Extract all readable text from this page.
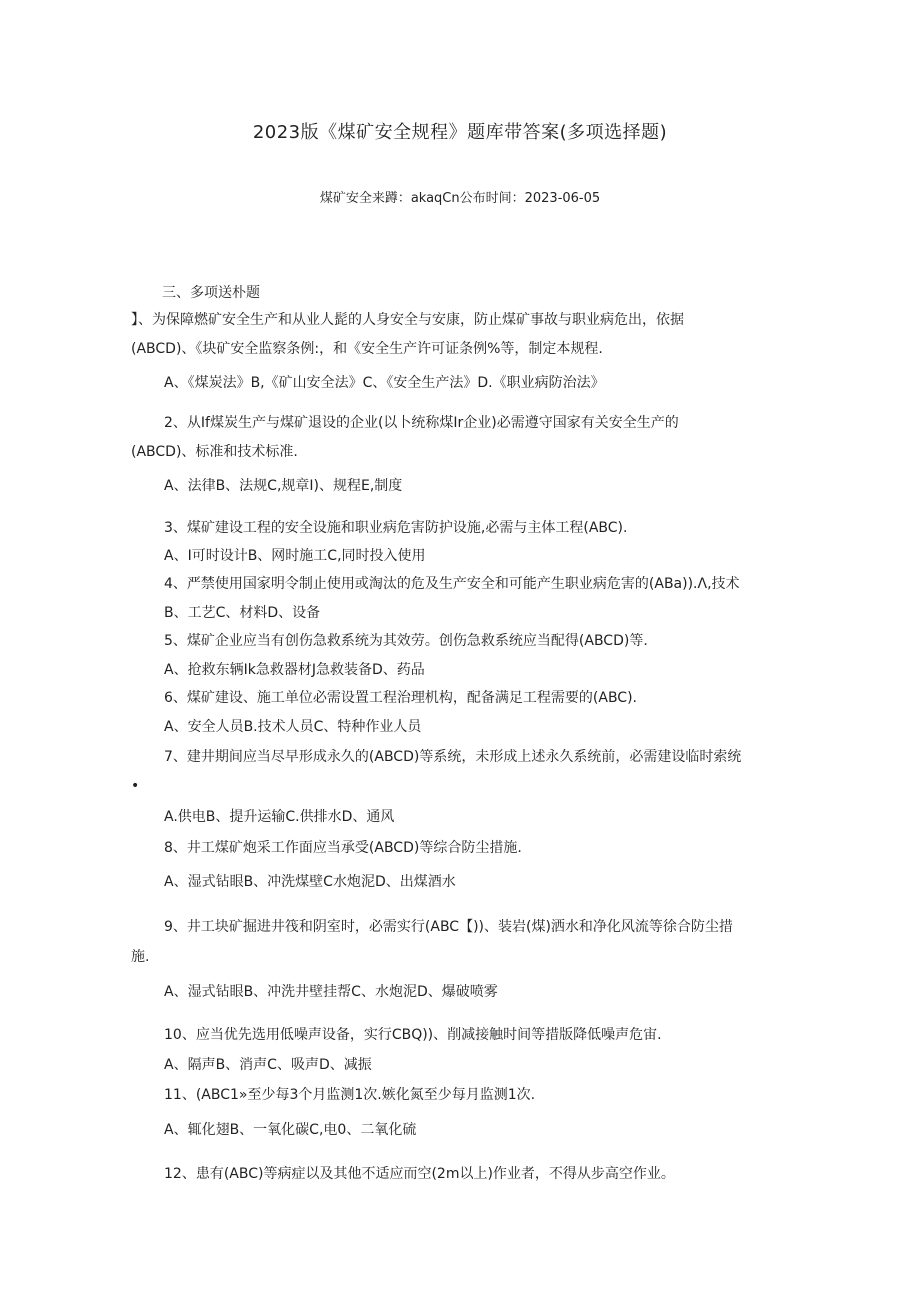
2023版《煤矿安全规程》题库带答案(多项选择题)
煤矿安全来蹲：akaqCn公布时间：2023-06-05
三、多项送朴题
】、为保障燃矿安全生产和从业人髭的人身安全与安康，防止煤矿事故与职业病危出，依据
(ABCD)、《块矿安全监察条例:，和《安全生产许可证条例%等，制定本规程.
A、《煤炭法》B,《矿山安全法》C、《安全生产法》D.《职业病防治法》
2、从If煤炭生产与煤矿退设的企业(以卜统称煤Ir企业)必需遵守国家有关安全生产的
(ABCD)、标准和技术标准.
A、法律B、法规C,规章I)、规程E,制度
3、煤矿建设工程的安全设施和职业病危害防护设施,必需与主体工程(ABC).
A、I可时设计B、网时施工C,同时投入使用
4、严禁使用国家明令制止使用或淘汰的危及生产安全和可能产生职业病危害的(ABa)).Λ,技术
B、工艺C、材料D、设备
5、煤矿企业应当有创伤急救系统为其效劳。创伤急救系统应当配得(ABCD)等.
A、抢救东辆Ik急救器材J急救装备D、药品
6、煤矿建设、施工单位必需设置工程治理机构，配备满足工程需要的(ABC).
A、安全人员B.技术人员C、特种作业人员
7、建井期间应当尽早形成永久的(ABCD)等系统，未形成上述永久系统前，必需建设临时索统
•
A.供电B、提升运输C.供排水D、通风
8、井工煤矿炮采工作面应当承受(ABCD)等综合防尘措施.
A、湿式钻眼B、冲洗煤壁C水炮泥D、出煤酒水
9、井工块矿掘进井筏和阴室时，必需实行(ABC【))、装岩(煤)洒水和净化风流等徐合防尘措
施.
A、湿式钻眼B、冲洗井壁挂帮C、水炮泥D、爆破喷雾
10、应当优先选用低噪声设备，实行CBQ))、削减接触时间等措版降低噪声危宙.
A、隔声B、消声C、吸声D、减振
11、(ABC1»至少每3个月监测1次.嫉化氮至少每月监测1次.
A、辄化翅B、一氧化碳C,电0、二氧化硫
12、患有(ABC)等病症以及其他不适应而空(2m以上)作业者，不得从步高空作业。
